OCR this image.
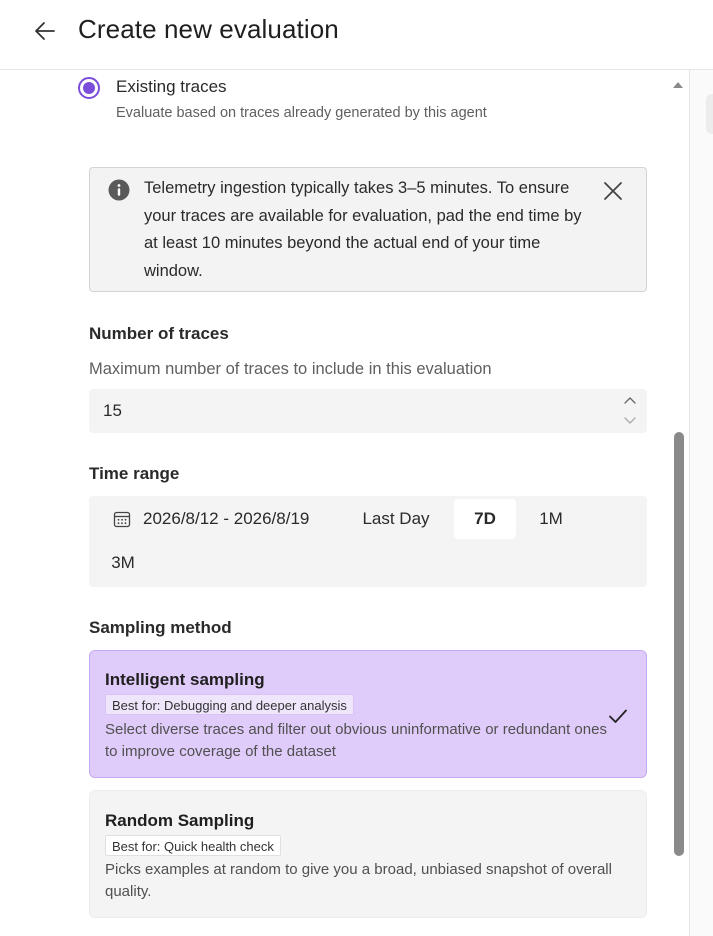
Create new evaluation
Existing traces
Evaluate based on traces already generated by this agent
Telemetry ingestion typically takes 3–5 minutes. To ensure your traces are available for evaluation, pad the end time by at least 10 minutes beyond the actual end of your time window.
Number of traces
Maximum number of traces to include in this evaluation
15
Time range
2026/8/12 - 2026/8/19	Last Day	7D	1M
3M
Sampling method
Intelligent sampling
Best for: Debugging and deeper analysis
Select diverse traces and filter out obvious uninformative or redundant ones to improve coverage of the dataset
Random Sampling
Best for: Quick health check
Picks examples at random to give you a broad, unbiased snapshot of overall quality.
